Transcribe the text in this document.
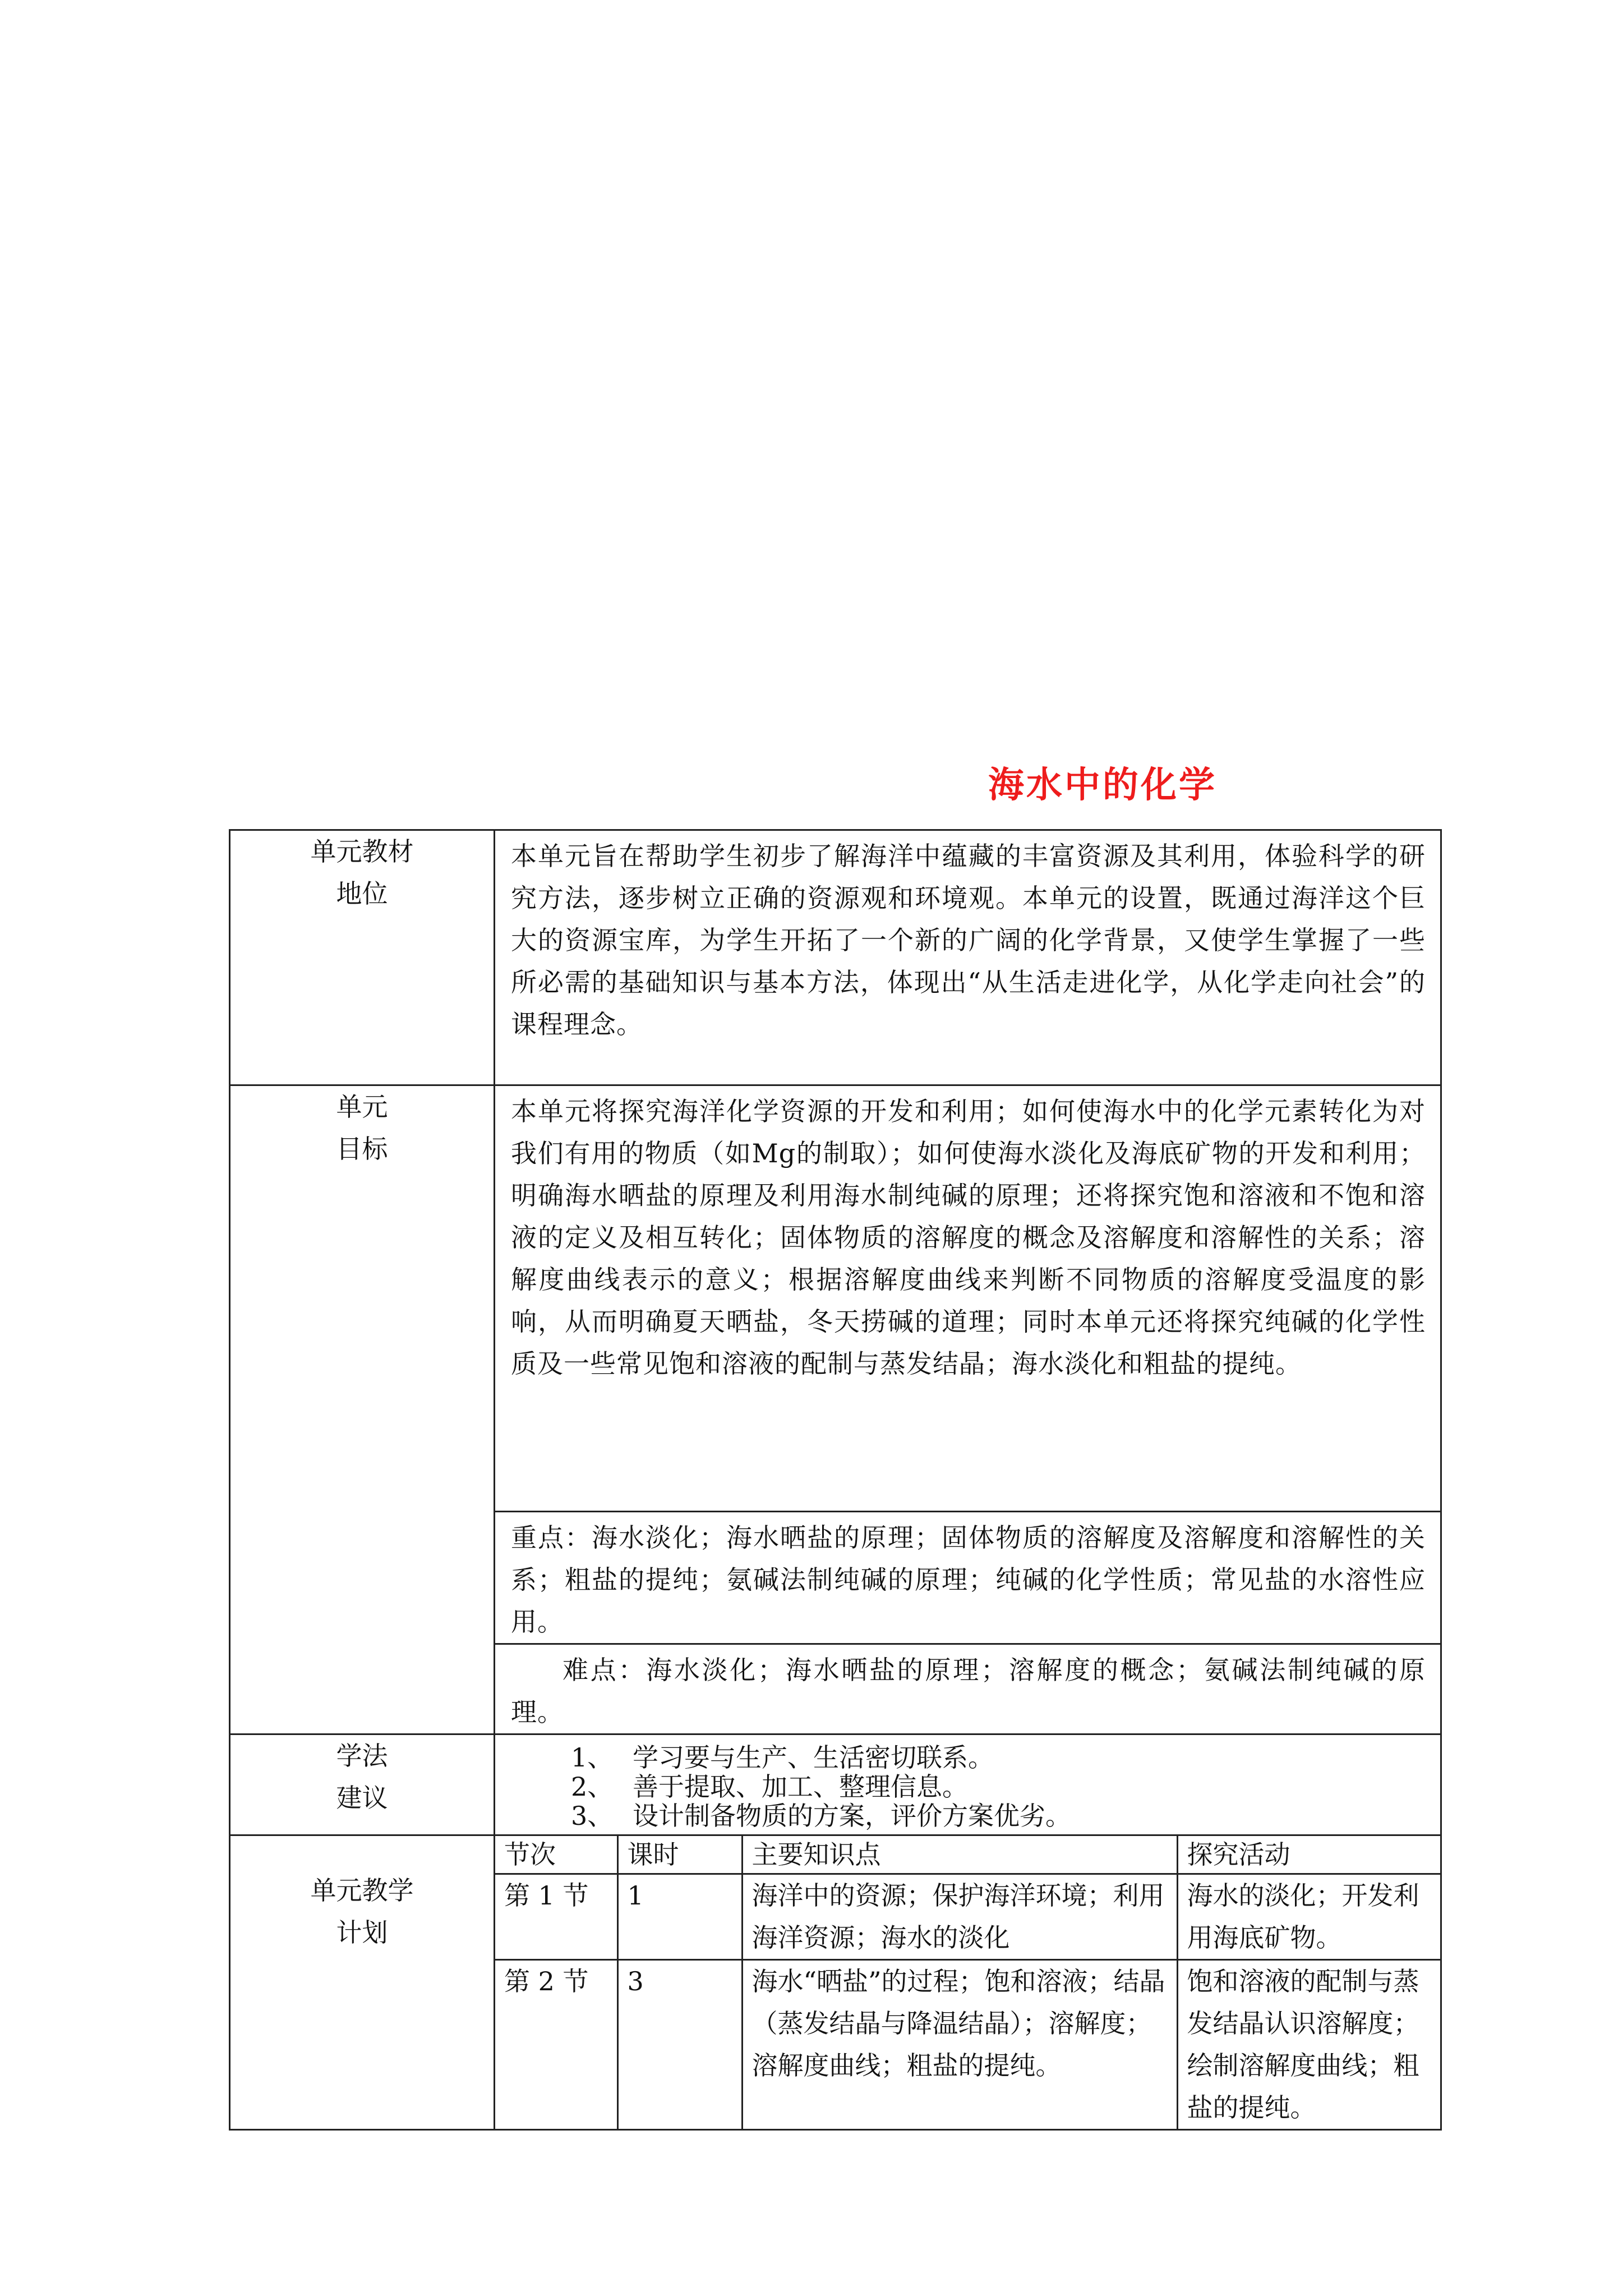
海水中的化学
单元教材
地位

本单元旨在帮助学生初步了解海洋中蕴藏的丰富资源及其利用，体验科学的研究方法，逐步树立正确的资源观和环境观。本单元的设置，既通过海洋这个巨大的资源宝库，为学生开拓了一个新的广阔的化学背景，又使学生掌握了一些所必需的基础知识与基本方法，体现出“从生活走进化学，从化学走向社会”的课程理念。

单元
目标

本单元将探究海洋化学资源的开发和利用；如何使海水中的化学元素转化为对我们有用的物质（如Mg的制取）；如何使海水淡化及海底矿物的开发和利用；明确海水晒盐的原理及利用海水制纯碱的原理；还将探究饱和溶液和不饱和溶液的定义及相互转化；固体物质的溶解度的概念及溶解度和溶解性的关系；溶解度曲线表示的意义；根据溶解度曲线来判断不同物质的溶解度受温度的影响，从而明确夏天晒盐，冬天捞碱的道理；同时本单元还将探究纯碱的化学性质及一些常见饱和溶液的配制与蒸发结晶；海水淡化和粗盐的提纯。

重点：海水淡化；海水晒盐的原理；固体物质的溶解度及溶解度和溶解性的关系；粗盐的提纯；氨碱法制纯碱的原理；纯碱的化学性质；常见盐的水溶性应用。

难点：海水淡化；海水晒盐的原理；溶解度的概念；氨碱法制纯碱的原理。

学法
建议

1、 学习要与生产、生活密切联系。
2、 善于提取、加工、整理信息。
3、 设计制备物质的方案，评价方案优劣。

单元教学
计划

节次	课时	主要知识点	探究活动
第 1 节	1	海洋中的资源；保护海洋环境；利用海洋资源；海水的淡化	海水的淡化；开发利用海底矿物。
第 2 节	3	海水“晒盐”的过程；饱和溶液；结晶（蒸发结晶与降温结晶）；溶解度；溶解度曲线；粗盐的提纯。	饱和溶液的配制与蒸发结晶认识溶解度；绘制溶解度曲线；粗盐的提纯。
